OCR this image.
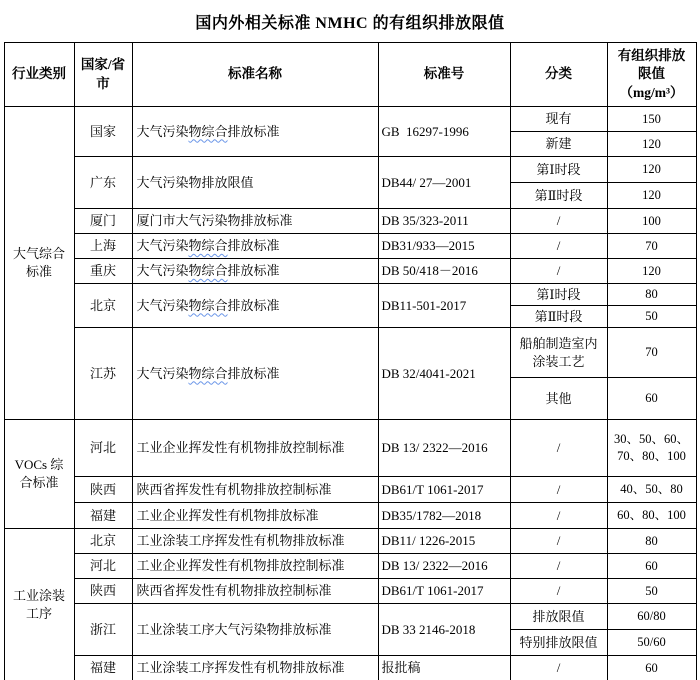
国内外相关标准 NMHC 的有组织排放限值
行业类别	国家/省市	标准名称	标准号	分类	有组织排放
限值
（mg/m³）

大气综合标准	国家	大气污染物综合排放标准	GB  16297-1996	现有	150
				新建	120
	广东	大气污染物排放限值	DB44/ 27—2001	第Ⅰ时段	120
				第Ⅱ时段	120
	厦门	厦门市大气污染物排放标准	DB 35/323-2011	/	100
	上海	大气污染物综合排放标准	DB31/933—2015	/	70
	重庆	大气污染物综合排放标准	DB 50/418－2016	/	120
	北京	大气污染物综合排放标准	DB11-501-2017	第Ⅰ时段	80
				第Ⅱ时段	50
	江苏	大气污染物综合排放标准	DB 32/4041-2021	船舶制造室内涂装工艺	70
				其他	60
VOCs 综合标准	河北	工业企业挥发性有机物排放控制标准	DB 13/ 2322—2016	/	30、50、60、70、80、100
	陕西	陕西省挥发性有机物排放控制标准	DB61/T 1061-2017	/	40、50、80
	福建	工业企业挥发性有机物排放标准	DB35/1782—2018	/	60、80、100
工业涂装工序	北京	工业涂装工序挥发性有机物排放标准	DB11/ 1226-2015	/	80
	河北	工业企业挥发性有机物排放控制标准	DB 13/ 2322—2016	/	60
	陕西	陕西省挥发性有机物排放控制标准	DB61/T 1061-2017	/	50
	浙江	工业涂装工序大气污染物排放标准	DB 33 2146-2018	排放限值	60/80
				特别排放限值	50/60
	福建	工业涂装工序挥发性有机物排放标准	报批稿	/	60
